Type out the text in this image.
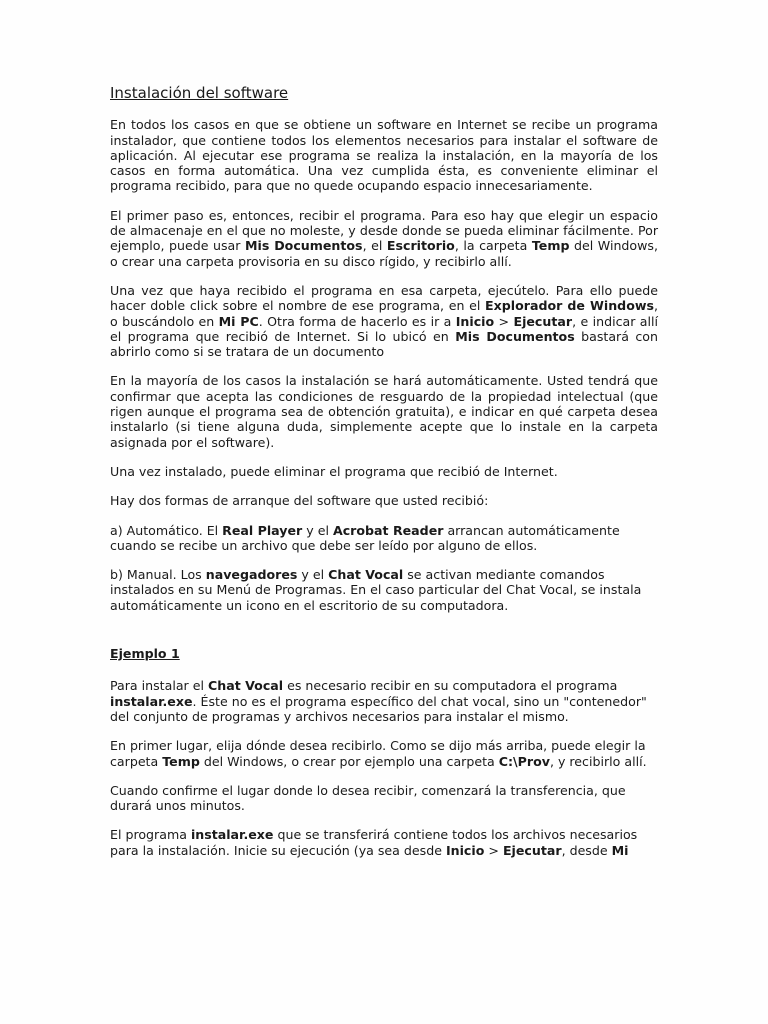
Instalación del software

En todos los casos en que se obtiene un software en Internet se recibe un programa instalador, que contiene todos los elementos necesarios para instalar el software de aplicación. Al ejecutar ese programa se realiza la instalación, en la mayoría de los casos en forma automática. Una vez cumplida ésta, es conveniente eliminar el programa recibido, para que no quede ocupando espacio innecesariamente.

El primer paso es, entonces, recibir el programa. Para eso hay que elegir un espacio de almacenaje en el que no moleste, y desde donde se pueda eliminar fácilmente. Por ejemplo, puede usar Mis Documentos, el Escritorio, la carpeta Temp del Windows, o crear una carpeta provisoria en su disco rígido, y recibirlo allí.

Una vez que haya recibido el programa en esa carpeta, ejecútelo. Para ello puede hacer doble click sobre el nombre de ese programa, en el Explorador de Windows, o buscándolo en Mi PC. Otra forma de hacerlo es ir a Inicio > Ejecutar, e indicar allí el programa que recibió de Internet. Si lo ubicó en Mis Documentos bastará con abrirlo como si se tratara de un documento

En la mayoría de los casos la instalación se hará automáticamente. Usted tendrá que confirmar que acepta las condiciones de resguardo de la propiedad intelectual (que rigen aunque el programa sea de obtención gratuita), e indicar en qué carpeta desea instalarlo (si tiene alguna duda, simplemente acepte que lo instale en la carpeta asignada por el software).

Una vez instalado, puede eliminar el programa que recibió de Internet.

Hay dos formas de arranque del software que usted recibió:

a) Automático. El Real Player y el Acrobat Reader arrancan automáticamente cuando se recibe un archivo que debe ser leído por alguno de ellos.

b) Manual. Los navegadores y el Chat Vocal se activan mediante comandos instalados en su Menú de Programas. En el caso particular del Chat Vocal, se instala automáticamente un icono en el escritorio de su computadora.

Ejemplo 1

Para instalar el Chat Vocal es necesario recibir en su computadora el programa instalar.exe. Éste no es el programa específico del chat vocal, sino un "contenedor" del conjunto de programas y archivos necesarios para instalar el mismo.

En primer lugar, elija dónde desea recibirlo. Como se dijo más arriba, puede elegir la carpeta Temp del Windows, o crear por ejemplo una carpeta C:\Prov, y recibirlo allí.

Cuando confirme el lugar donde lo desea recibir, comenzará la transferencia, que durará unos minutos.

El programa instalar.exe que se transferirá contiene todos los archivos necesarios para la instalación. Inicie su ejecución (ya sea desde Inicio > Ejecutar, desde Mi
